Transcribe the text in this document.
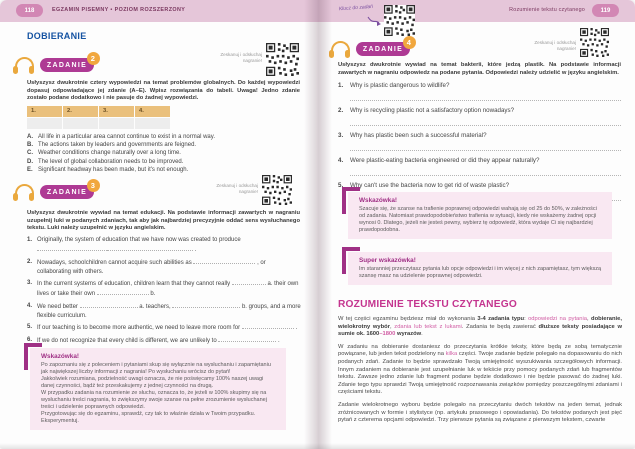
118	EGZAMIN PISEMNY • POZIOM ROZSZERZONY
DOBIERANIE
ZADANIE
2	Zeskanuj i odsłuchaj nagranie!
Usłyszysz dwukrotnie cztery wypowiedzi na temat problemów globalnych. Do każdej wypowiedzi dopasuj odpowiadające jej zdanie (A–E). Wpisz rozwiązania do tabeli. Uwaga! Jedno zdanie zostało podane dodatkowo i nie pasuje do żadnej wypowiedzi.
1.	2.	3.	4.
A. All life in a particular area cannot continue to exist in a normal way.
B. The actions taken by leaders and governments are feigned.
C. Weather conditions change naturally over a long time.
D. The level of global collaboration needs to be improved.
E. Significant headway has been made, but it's not enough.
ZADANIE
3	Zeskanuj i odsłuchaj nagranie!
Usłyszysz dwukrotnie wywiad na temat edukacji. Na podstawie informacji zawartych w nagraniu uzupełnij luki w podanych zdaniach, tak aby jak najbardziej precyzyjnie oddać sens wysłuchanego tekstu. Luki należy uzupełnić w języku angielskim.
1. Originally, the system of education that we have now was created to produce  .
2. Nowadays, schoolchildren cannot acquire such abilities as	, or collaborating with others.
3. In the current systems of education, children learn that they cannot really	a. their own lives or take their own	b.
4. We need better	a. teachers,	b. groups, and a more flexible curriculum.
5. If our teaching is to become more authentic, we need to leave more room for	.
6. If we do not recognize that every child is different, we are unlikely to	.
Wskazówka!
Po zapoznaniu się z poleceniem i pytaniami skup się wyłącznie na wysłuchaniu i zapamiętaniu jak największej liczby informacji z nagrania! Po wysłuchaniu wrócisz do pytań!
Jakkolwiek rozumiana, podzielność uwagi oznacza, że nie poświęcamy 100% naszej uwagi danej czynności, bądź też przeskakujemy z jednej czynności na drugą.
W przypadku zadania na rozumienie ze słuchu, oznacza to, że jeżeli w 100% skupimy się na wysłuchaniu treści nagrania, to zwiększymy swoje szanse na pełne zrozumienie wysłuchanej treści i udzielenie poprawnych odpowiedzi.
Przygotowując się do egzaminu, sprawdź, czy tak to właśnie działa w Twoim przypadku. Eksperymentuj.
119
Rozumienie tekstu czytanego
Klucz do zadań
ZADANIE
4	Zeskanuj i odsłuchaj nagranie!
Usłyszysz dwukrotnie wywiad na temat bakterii, które jedzą plastik. Na podstawie informacji zawartych w nagraniu odpowiedz na podane pytania. Odpowiedzi należy udzielić w języku angielskim.
1.	Why is plastic dangerous to wildlife?
2.	Why is recycling plastic not a satisfactory option nowadays?
3.	Why has plastic been such a successful material?
4.	Were plastic-eating bacteria engineered or did they appear naturally?
5.	Why can't use the bacteria now to get rid of waste plastic?
Wskazówka!
Szacuje się, że szanse na trafienie poprawnej odpowiedzi wahają się od 25 do 50%, w zależności od zadania. Natomiast prawdopodobieństwo trafienia w sytuacji, kiedy nie wskażemy żadnej opcji wynosi 0. Dlatego, jeżeli nie jesteś pewny, wybierz tę odpowiedź, która wydaje Ci się najbardziej prawdopodobna.
Super wskazówka!
Im staranniej przeczytasz pytania lub opcje odpowiedzi i im więcej z nich zapamiętasz, tym większą szansę masz na udzielenie poprawnej odpowiedzi.
ROZUMIENIE TEKSTU CZYTANEGO

W tej części egzaminu będziesz miał do wykonania 3-4 zadania typu: odpowiedzi na pytania, dobieranie, wielokrotny wybór, zdania lub tekst z lukami. Zadania te będą zawierać dłuższe teksty posiadające w sumie ok. 1600–1800 wyrazów.

W zadaniu na dobieranie dostaniesz do przeczytania krótkie teksty, które będą ze sobą tematycznie powiązane, lub jeden tekst podzielony na kilka części. Twoje zadanie będzie polegało na dopasowaniu do nich podanych zdań. Zadanie to będzie sprawdzało Twoją umiejętność wyszukiwania szczegółowych informacji. Innym zadaniem na dobieranie jest uzupełnianie luk w tekście przy pomocy podanych zdań lub fragmentów tekstu. Zawsze jedno zdanie lub fragment podane będzie dodatkowo i nie będzie pasować do żadnej luki. Zdanie tego typu sprawdzi Twoją umiejętność rozpoznawania związków pomiędzy poszczególnymi zdaniami i częściami tekstu.

Zadanie wielokrotnego wyboru będzie polegało na przeczytaniu dwóch tekstów na jeden temat, jednak zróżnicowanych w formie i stylistyce (np. artykułu prasowego i opowiadania). Do tekstów podanych jest pięć pytań z czterema opcjami odpowiedzi. Trzy pierwsze pytania są związane z pierwszym tekstem, czwarte
